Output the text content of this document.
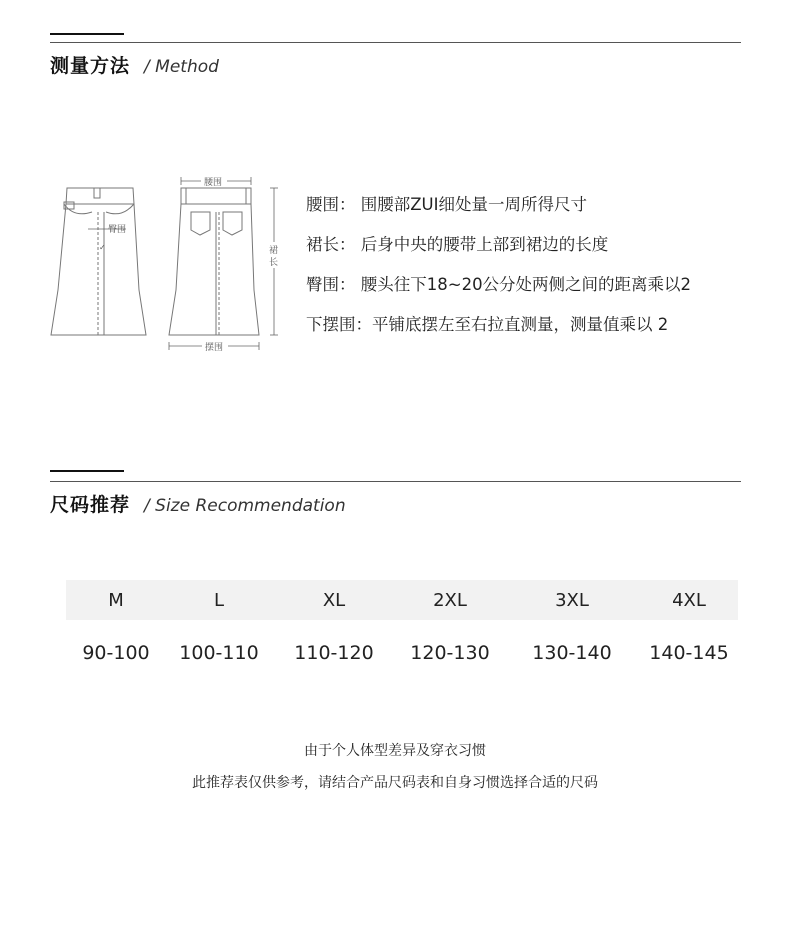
测量方法 / Method
臀围
✓
腰围
裙
长
摆围
腰围： 围腰部ZUI细处量一周所得尺寸
裙长： 后身中央的腰带上部到裙边的长度
臀围： 腰头往下18~20公分处两侧之间的距离乘以2
下摆围：平铺底摆左至右拉直测量，测量值乘以 2
尺码推荐 / Size Recommendation
M	L	XL	2XL	3XL	4XL
90-100	100-110	110-120	120-130	130-140	140-145
由于个人体型差异及穿衣习惯
此推荐表仅供参考，请结合产品尺码表和自身习惯选择合适的尺码
